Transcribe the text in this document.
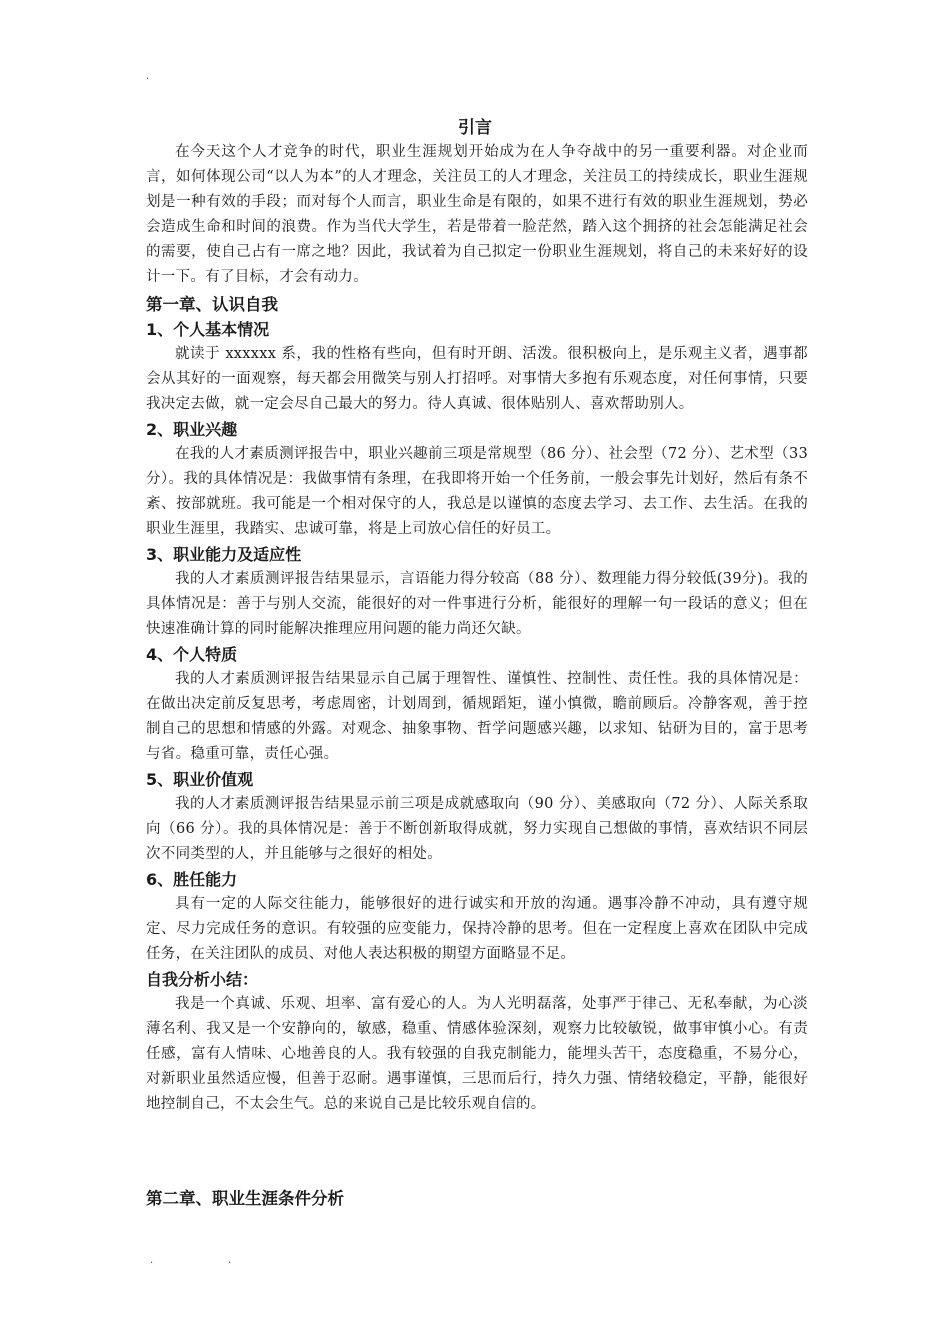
.
引言

在今天这个人才竞争的时代，职业生涯规划开始成为在人争夺战中的另一重要利器。对企业而言，如何体现公司“以人为本”的人才理念，关注员工的人才理念，关注员工的持续成长，职业生涯规划是一种有效的手段；而对每个人而言，职业生命是有限的，如果不进行有效的职业生涯规划，势必会造成生命和时间的浪费。作为当代大学生，若是带着一脸茫然，踏入这个拥挤的社会怎能满足社会的需要，使自己占有一席之地？因此，我试着为自己拟定一份职业生涯规划，将自己的未来好好的设计一下。有了目标，才会有动力。

第一章、认识自我
1、个人基本情况

就读于 xxxxxx 系，我的性格有些向，但有时开朗、活泼。很积极向上，是乐观主义者，遇事都会从其好的一面观察，每天都会用微笑与别人打招呼。对事情大多抱有乐观态度，对任何事情，只要我决定去做，就一定会尽自己最大的努力。待人真诚、很体贴别人、喜欢帮助别人。

2、职业兴趣

在我的人才素质测评报告中，职业兴趣前三项是常规型（86 分）、社会型（72 分）、艺术型（33 分）。我的具体情况是：我做事情有条理，在我即将开始一个任务前，一般会事先计划好，然后有条不紊、按部就班。我可能是一个相对保守的人，我总是以谨慎的态度去学习、去工作、去生活。在我的职业生涯里，我踏实、忠诚可靠，将是上司放心信任的好员工。

3、职业能力及适应性

我的人才素质测评报告结果显示，言语能力得分较高（88 分）、数理能力得分较低(39分)。我的具体情况是：善于与别人交流，能很好的对一件事进行分析，能很好的理解一句一段话的意义；但在快速准确计算的同时能解决推理应用问题的能力尚还欠缺。

4、个人特质

我的人才素质测评报告结果显示自己属于理智性、谨慎性、控制性、责任性。我的具体情况是：在做出决定前反复思考，考虑周密，计划周到，循规蹈矩，谨小慎微，瞻前顾后。冷静客观，善于控制自己的思想和情感的外露。对观念、抽象事物、哲学问题感兴趣，以求知、钻研为目的，富于思考与省。稳重可靠，责任心强。

5、职业价值观

我的人才素质测评报告结果显示前三项是成就感取向（90 分）、美感取向（72 分）、人际关系取向（66 分）。我的具体情况是：善于不断创新取得成就，努力实现自己想做的事情，喜欢结识不同层次不同类型的人，并且能够与之很好的相处。

6、胜任能力

具有一定的人际交往能力，能够很好的进行诚实和开放的沟通。遇事冷静不冲动，具有遵守规定、尽力完成任务的意识。有较强的应变能力，保持冷静的思考。但在一定程度上喜欢在团队中完成任务，在关注团队的成员、对他人表达积极的期望方面略显不足。

自我分析小结：

我是一个真诚、乐观、坦率、富有爱心的人。为人光明磊落，处事严于律己、无私奉献，为心淡薄名利、我又是一个安静向的，敏感，稳重、情感体验深刻，观察力比较敏锐，做事审慎小心。有责任感，富有人情味、心地善良的人。我有较强的自我克制能力，能埋头苦干，态度稳重，不易分心，对新职业虽然适应慢，但善于忍耐。遇事谨慎，三思而后行，持久力强、情绪较稳定，平静，能很好地控制自己，不太会生气。总的来说自己是比较乐观自信的。

第二章、职业生涯条件分析
.	.
